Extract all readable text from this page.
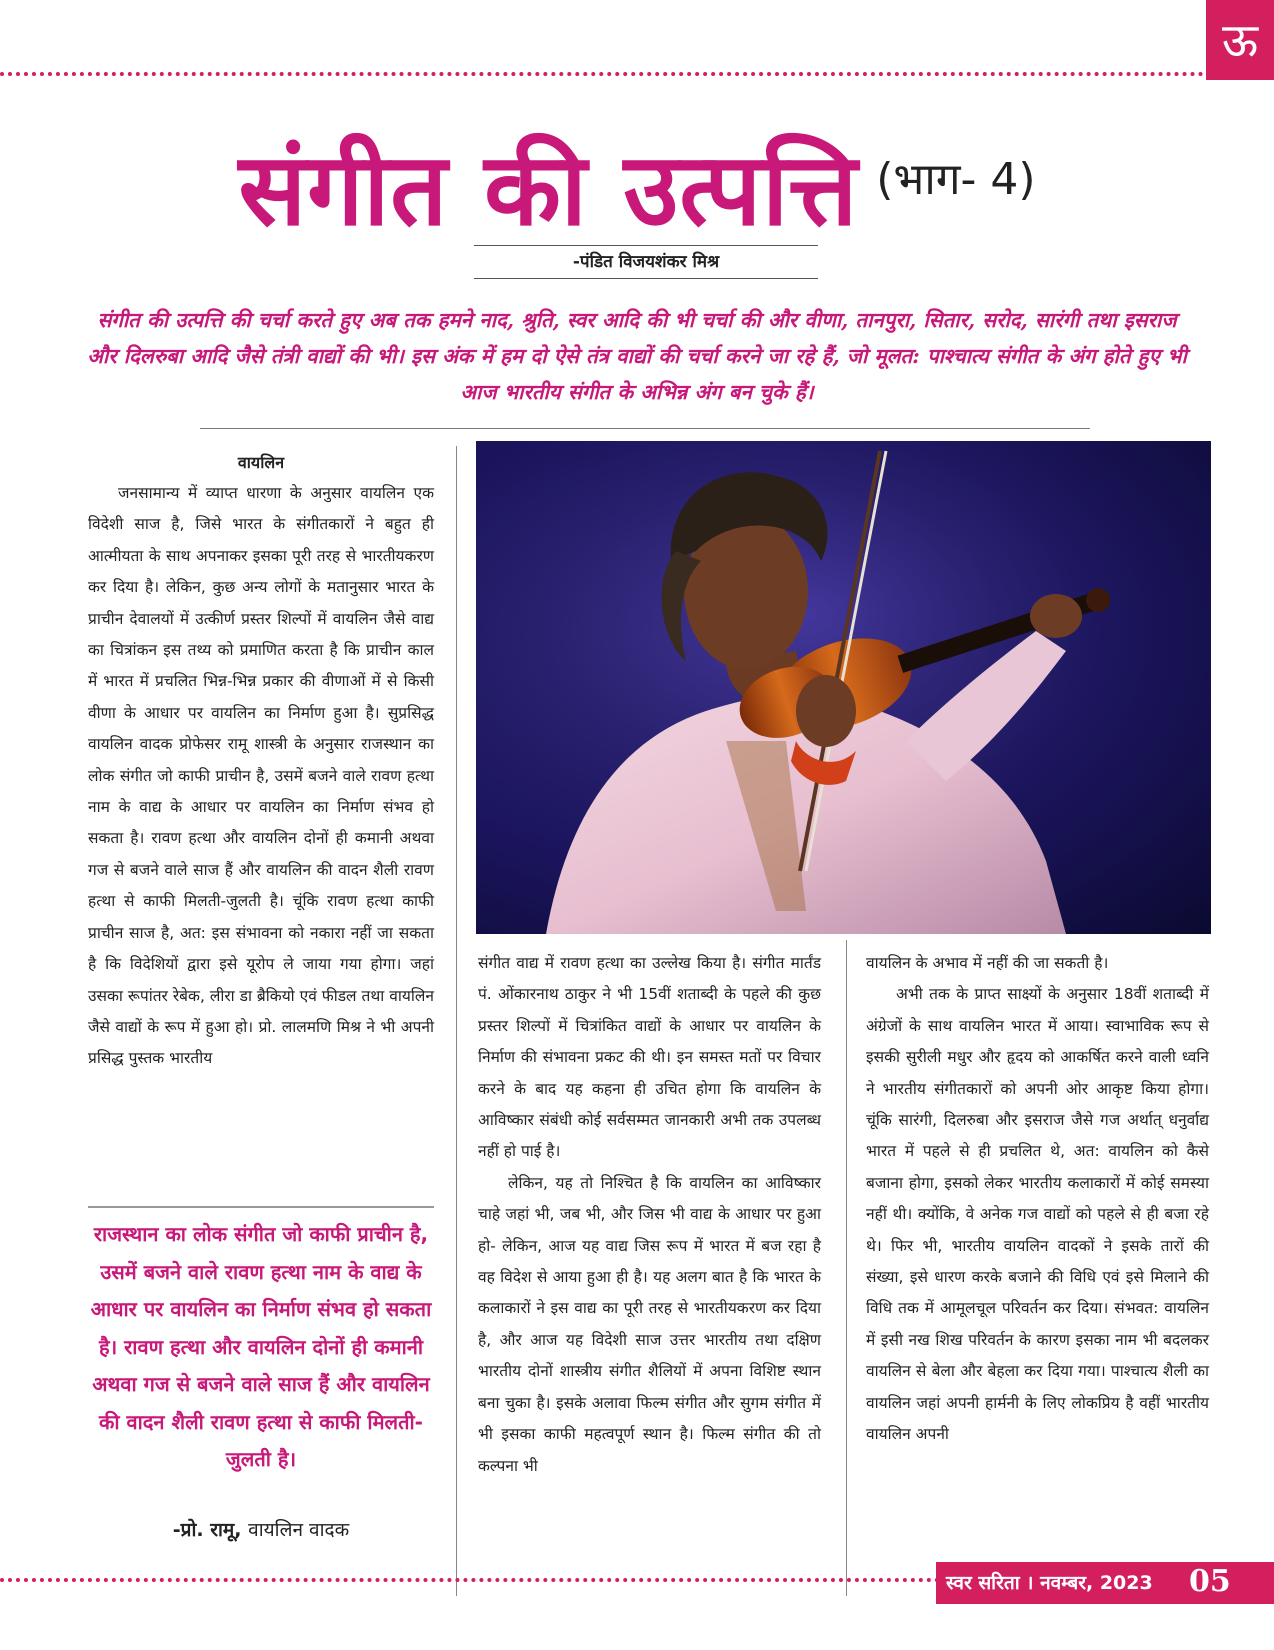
ऊ
संगीत की उत्पत्ति (भाग- 4)
-पंडित विजयशंकर मिश्र
संगीत की उत्पत्ति की चर्चा करते हुए अब तक हमने नाद, श्रुति, स्वर आदि की भी चर्चा की और वीणा, तानपुरा, सितार, सरोद, सारंगी तथा इसराज और दिलरुबा आदि जैसे तंत्री वाद्यों की भी। इस अंक में हम दो ऐसे तंत्र वाद्यों की चर्चा करने जा रहे हैं, जो मूलत: पाश्चात्य संगीत के अंग होते हुए भी आज भारतीय संगीत के अभिन्न अंग बन चुके हैं।

वायलिन

जनसामान्य में व्याप्त धारणा के अनुसार वायलिन एक विदेशी साज है, जिसे भारत के संगीतकारों ने बहुत ही आत्मीयता के साथ अपनाकर इसका पूरी तरह से भारतीयकरण कर दिया है। लेकिन, कुछ अन्य लोगों के मतानुसार भारत के प्राचीन देवालयों में उत्कीर्ण प्रस्तर शिल्पों में वायलिन जैसे वाद्य का चित्रांकन इस तथ्य को प्रमाणित करता है कि प्राचीन काल में भारत में प्रचलित भिन्न-भिन्न प्रकार की वीणाओं में से किसी वीणा के आधार पर वायलिन का निर्माण हुआ है। सुप्रसिद्ध वायलिन वादक प्रोफेसर रामू शास्त्री के अनुसार राजस्थान का लोक संगीत जो काफी प्राचीन है, उसमें बजने वाले रावण हत्था नाम के वाद्य के आधार पर वायलिन का निर्माण संभव हो सकता है। रावण हत्था और वायलिन दोनों ही कमानी अथवा गज से बजने वाले साज हैं और वायलिन की वादन शैली रावण हत्था से काफी मिलती-जुलती है। चूंकि रावण हत्था काफी प्राचीन साज है, अत: इस संभावना को नकारा नहीं जा सकता है कि विदेशियों द्वारा इसे यूरोप ले जाया गया होगा। जहां उसका रूपांतर रेबेक, लीरा डा ब्रैकियो एवं फीडल तथा वायलिन जैसे वाद्यों के रूप में हुआ हो। प्रो. लालमणि मिश्र ने भी अपनी प्रसिद्ध पुस्तक भारतीय

संगीत वाद्य में रावण हत्था का उल्लेख किया है। संगीत मार्तंड पं. ओंकारनाथ ठाकुर ने भी 15वीं शताब्दी के पहले की कुछ प्रस्तर शिल्पों में चित्रांकित वाद्यों के आधार पर वायलिन के निर्माण की संभावना प्रकट की थी। इन समस्त मतों पर विचार करने के बाद यह कहना ही उचित होगा कि वायलिन के आविष्कार संबंधी कोई सर्वसम्मत जानकारी अभी तक उपलब्ध नहीं हो पाई है।

लेकिन, यह तो निश्चित है कि वायलिन का आविष्कार चाहे जहां भी, जब भी, और जिस भी वाद्य के आधार पर हुआ हो- लेकिन, आज यह वाद्य जिस रूप में भारत में बज रहा है वह विदेश से आया हुआ ही है। यह अलग बात है कि भारत के कलाकारों ने इस वाद्य का पूरी तरह से भारतीयकरण कर दिया है, और आज यह विदेशी साज उत्तर भारतीय तथा दक्षिण भारतीय दोनों शास्त्रीय संगीत शैलियों में अपना विशिष्ट स्थान बना चुका है। इसके अलावा फिल्म संगीत और सुगम संगीत में भी इसका काफी महत्वपूर्ण स्थान है। फिल्म संगीत की तो कल्पना भी

वायलिन के अभाव में नहीं की जा सकती है।

अभी तक के प्राप्त साक्ष्यों के अनुसार 18वीं शताब्दी में अंग्रेजों के साथ वायलिन भारत में आया। स्वाभाविक रूप से इसकी सुरीली मधुर और हृदय को आकर्षित करने वाली ध्वनि ने भारतीय संगीतकारों को अपनी ओर आकृष्ट किया होगा। चूंकि सारंगी, दिलरुबा और इसराज जैसे गज अर्थात् धनुर्वाद्य भारत में पहले से ही प्रचलित थे, अत: वायलिन को कैसे बजाना होगा, इसको लेकर भारतीय कलाकारों में कोई समस्या नहीं थी। क्योंकि, वे अनेक गज वाद्यों को पहले से ही बजा रहे थे। फिर भी, भारतीय वायलिन वादकों ने इसके तारों की संख्या, इसे धारण करके बजाने की विधि एवं इसे मिलाने की विधि तक में आमूलचूल परिवर्तन कर दिया। संभवत: वायलिन में इसी नख शिख परिवर्तन के कारण इसका नाम भी बदलकर वायलिन से बेला और बेहला कर दिया गया। पाश्चात्य शैली का वायलिन जहां अपनी हार्मनी के लिए लोकप्रिय है वहीं भारतीय वायलिन अपनी

राजस्थान का लोक संगीत जो काफी प्राचीन है, उसमें बजने वाले रावण हत्था नाम के वाद्य के आधार पर वायलिन का निर्माण संभव हो सकता है। रावण हत्था और वायलिन दोनों ही कमानी अथवा गज से बजने वाले साज हैं और वायलिन की वादन शैली रावण हत्था से काफी मिलती-जुलती है।
-प्रो. रामू, वायलिन वादक
स्वर सरिता । नवम्बर, 2023	05
